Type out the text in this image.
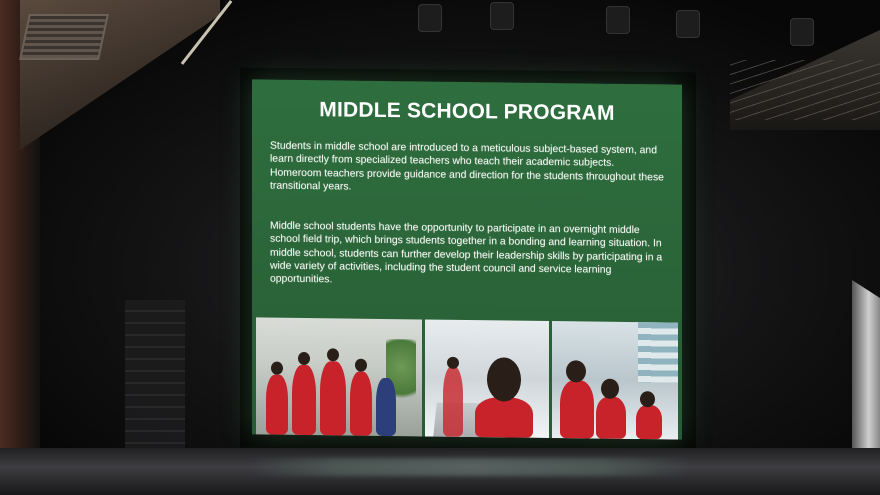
MIDDLE SCHOOL PROGRAM

Students in middle school are introduced to a meticulous subject-based system, and learn directly from specialized teachers who teach their academic subjects. Homeroom teachers provide guidance and direction for the students throughout these transitional years.

Middle school students have the opportunity to participate in an overnight middle school field trip, which brings students together in a bonding and learning situation. In middle school, students can further develop their leadership skills by participating in a wide variety of activities, including the student council and service learning opportunities.
